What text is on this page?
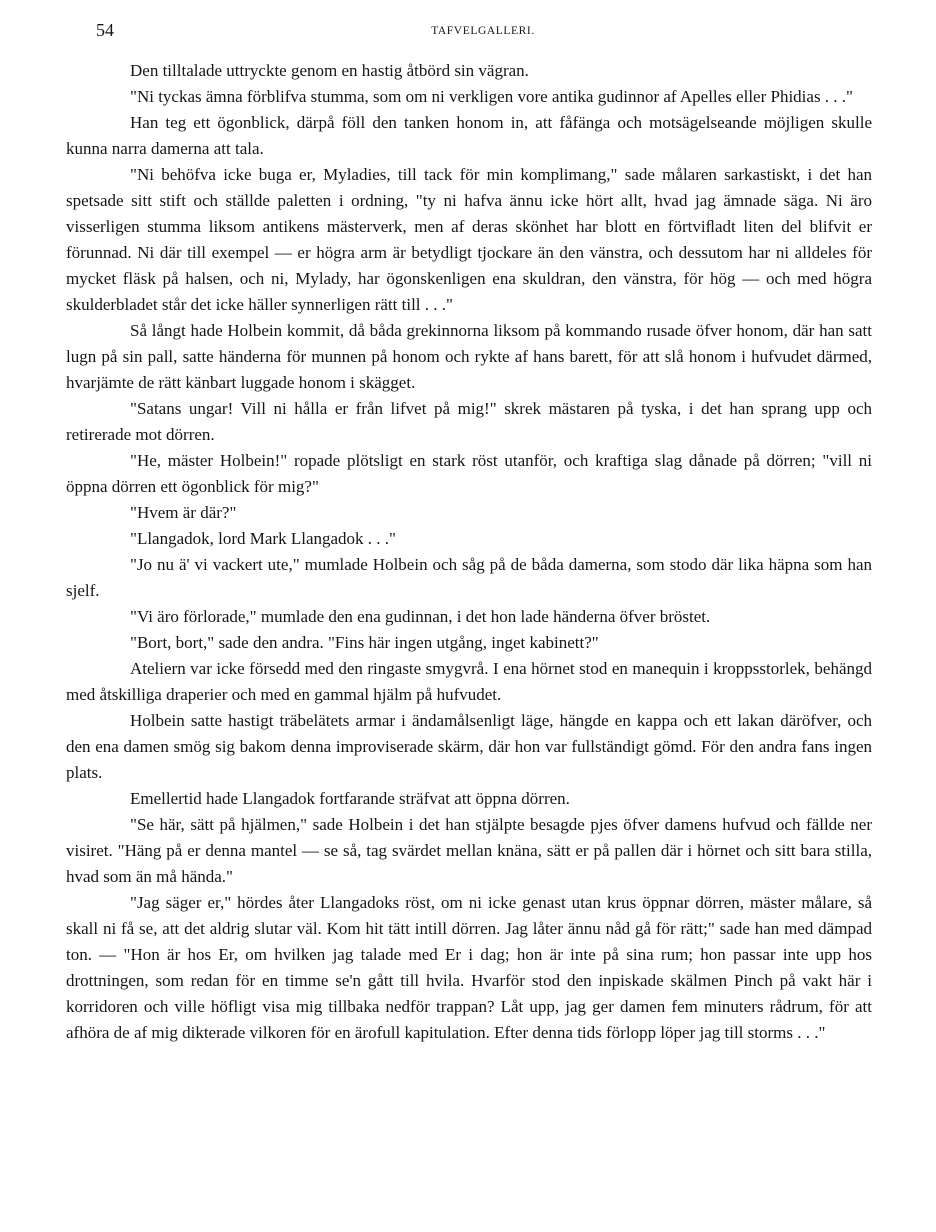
54	TAFVELGALLERI.

Den tilltalade uttryckte genom en hastig åtbörd sin vägran.

"Ni tyckas ämna förblifva stumma, som om ni verkligen vore antika gudinnor af Apelles eller Phidias . . ."

Han teg ett ögonblick, därpå föll den tanken honom in, att fåfänga och motsägelseande möjligen skulle kunna narra damerna att tala.

"Ni behöfva icke buga er, Myladies, till tack för min komplimang," sade målaren sarkastiskt, i det han spetsade sitt stift och ställde paletten i ordning, "ty ni hafva ännu icke hört allt, hvad jag ämnade säga. Ni äro visserligen stumma liksom antikens mästerverk, men af deras skönhet har blott en förtviﬂadt liten del blifvit er förunnad. Ni där till exempel — er högra arm är betydligt tjockare än den vänstra, och dessutom har ni alldeles för mycket fläsk på halsen, och ni, Mylady, har ögonskenligen ena skuldran, den vänstra, för hög — och med högra skulderbladet står det icke häller synnerligen rätt till . . ."

Så långt hade Holbein kommit, då båda grekinnorna liksom på kommando rusade öfver honom, där han satt lugn på sin pall, satte händerna för munnen på honom och rykte af hans barett, för att slå honom i hufvudet därmed, hvarjämte de rätt känbart luggade honom i skägget.

"Satans ungar! Vill ni hålla er från lifvet på mig!" skrek mästaren på tyska, i det han sprang upp och retirerade mot dörren.

"He, mäster Holbein!" ropade plötsligt en stark röst utanför, och kraftiga slag dånade på dörren; "vill ni öppna dörren ett ögonblick för mig?"

"Hvem är där?"

"Llangadok, lord Mark Llangadok . . ."

"Jo nu ä' vi vackert ute," mumlade Holbein och såg på de båda damerna, som stodo där lika häpna som han sjelf.

"Vi äro förlorade," mumlade den ena gudinnan, i det hon lade händerna öfver bröstet.

"Bort, bort," sade den andra. "Fins här ingen utgång, inget kabinett?"

Ateliern var icke försedd med den ringaste smygvrå. I ena hörnet stod en manequin i kroppsstorlek, behängd med åtskilliga draperier och med en gammal hjälm på hufvudet.

Holbein satte hastigt träbelätets armar i ändamålsenligt läge, hängde en kappa och ett lakan däröfver, och den ena damen smög sig bakom denna improviserade skärm, där hon var fullständigt gömd. För den andra fans ingen plats.

Emellertid hade Llangadok fortfarande sträfvat att öppna dörren.

"Se här, sätt på hjälmen," sade Holbein i det han stjälpte besagde pjes öfver damens hufvud och fällde ner visiret. "Häng på er denna mantel — se så, tag svärdet mellan knäna, sätt er på pallen där i hörnet och sitt bara stilla, hvad som än må hända."

"Jag säger er," hördes åter Llangadoks röst, om ni icke genast utan krus öppnar dörren, mäster målare, så skall ni få se, att det aldrig slutar väl. Kom hit tätt intill dörren. Jag låter ännu nåd gå för rätt;" sade han med dämpad ton. — "Hon är hos Er, om hvilken jag talade med Er i dag; hon är inte på sina rum; hon passar inte upp hos drottningen, som redan för en timme se'n gått till hvila. Hvarför stod den inpiskade skälmen Pinch på vakt här i korridoren och ville höfligt visa mig tillbaka nedför trappan? Låt upp, jag ger damen fem minuters rådrum, för att afhöra de af mig dikterade vilkoren för en ärofull kapitulation. Efter denna tids förlopp löper jag till storms . . ."
